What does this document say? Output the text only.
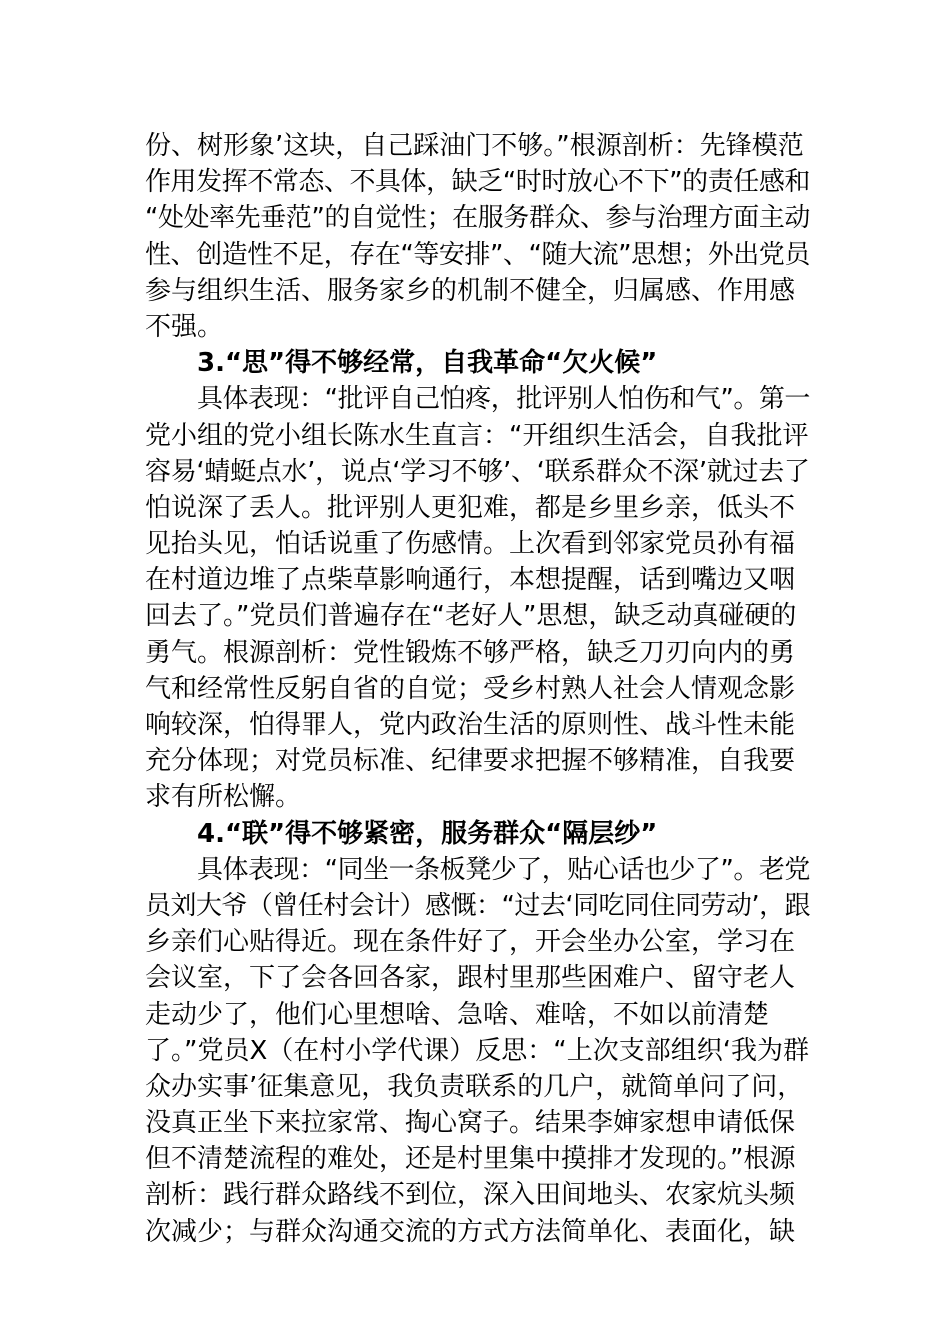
份、树形象’这块，自己踩油门不够。”根源剖析：先锋模范
作用发挥不常态、不具体，缺乏“时时放心不下”的责任感和
“处处率先垂范”的自觉性；在服务群众、参与治理方面主动
性、创造性不足，存在“等安排”、“随大流”思想；外出党员
参与组织生活、服务家乡的机制不健全，归属感、作用感
不强。
3.“思”得不够经常，自我革命“欠火候”
具体表现：“批评自己怕疼，批评别人怕伤和气”。第一
党小组的党小组长陈水生直言：“开组织生活会，自我批评
容易‘蜻蜓点水’，说点‘学习不够’、‘联系群众不深’就过去了
怕说深了丢人。批评别人更犯难，都是乡里乡亲，低头不
见抬头见，怕话说重了伤感情。上次看到邻家党员孙有福
在村道边堆了点柴草影响通行，本想提醒，话到嘴边又咽
回去了。”党员们普遍存在“老好人”思想，缺乏动真碰硬的
勇气。根源剖析：党性锻炼不够严格，缺乏刀刃向内的勇
气和经常性反躬自省的自觉；受乡村熟人社会人情观念影
响较深，怕得罪人，党内政治生活的原则性、战斗性未能
充分体现；对党员标准、纪律要求把握不够精准，自我要
求有所松懈。
4.“联”得不够紧密，服务群众“隔层纱”
具体表现：“同坐一条板凳少了，贴心话也少了”。老党
员刘大爷（曾任村会计）感慨：“过去‘同吃同住同劳动’，跟
乡亲们心贴得近。现在条件好了，开会坐办公室，学习在
会议室，下了会各回各家，跟村里那些困难户、留守老人
走动少了，他们心里想啥、急啥、难啥，不如以前清楚
了。”党员X（在村小学代课）反思：“上次支部组织‘我为群
众办实事’征集意见，我负责联系的几户，就简单问了问，
没真正坐下来拉家常、掏心窝子。结果李婶家想申请低保
但不清楚流程的难处，还是村里集中摸排才发现的。”根源
剖析：践行群众路线不到位，深入田间地头、农家炕头频
次减少；与群众沟通交流的方式方法简单化、表面化，缺
